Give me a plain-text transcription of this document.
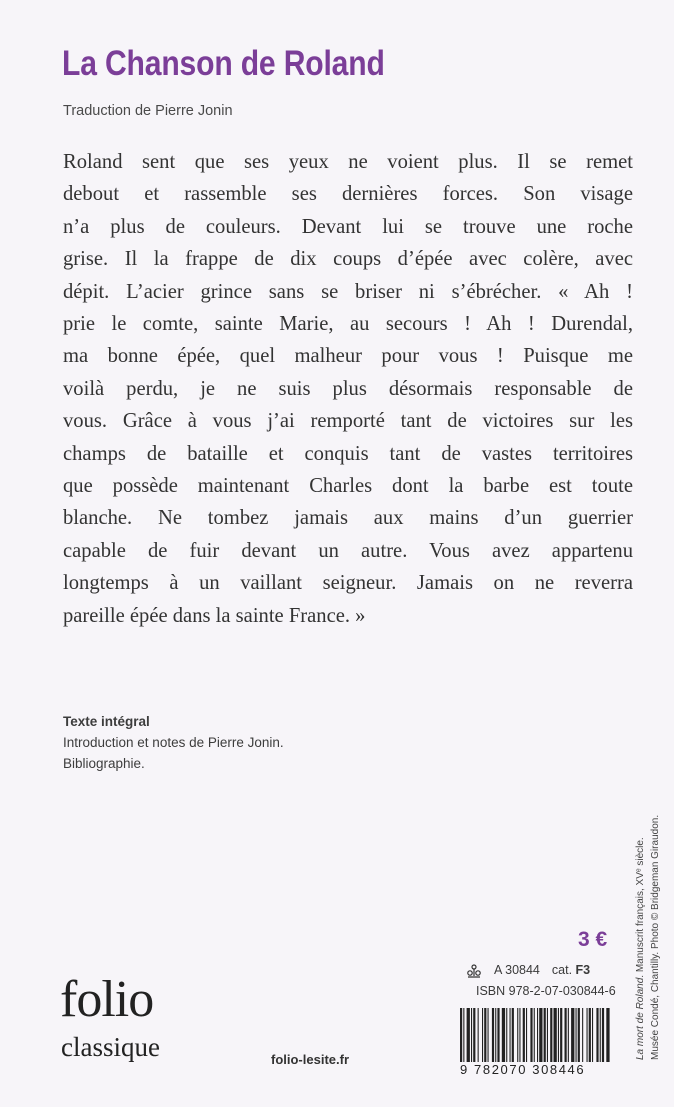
La Chanson de Roland
Traduction de Pierre Jonin

Roland sent que ses yeux ne voient plus. Il se remet

debout et rassemble ses dernières forces. Son visage

n’a plus de couleurs. Devant lui se trouve une roche

grise. Il la frappe de dix coups d’épée avec colère, avec

dépit. L’acier grince sans se briser ni s’ébrécher. « Ah !

prie le comte, sainte Marie, au secours ! Ah ! Durendal,

ma bonne épée, quel malheur pour vous ! Puisque me

voilà perdu, je ne suis plus désormais responsable de

vous. Grâce à vous j’ai remporté tant de victoires sur les

champs de bataille et conquis tant de vastes territoires

que possède maintenant Charles dont la barbe est toute

blanche. Ne tombez jamais aux mains d’un guerrier

capable de fuir devant un autre. Vous avez appartenu

longtemps à un vaillant seigneur. Jamais on ne reverra

pareille épée dans la sainte France. »

Texte intégral
Introduction et notes de Pierre Jonin.
Bibliographie.
3 €
A 30844 cat. F3
ISBN 978-2-07-030844-6
9 782070 308446
folio
classique	folio-lesite.fr	La mort de Roland. Manuscrit français, XVᵉ siècle. Musée Condé, Chantilly. Photo © Bridgeman Giraudon.
